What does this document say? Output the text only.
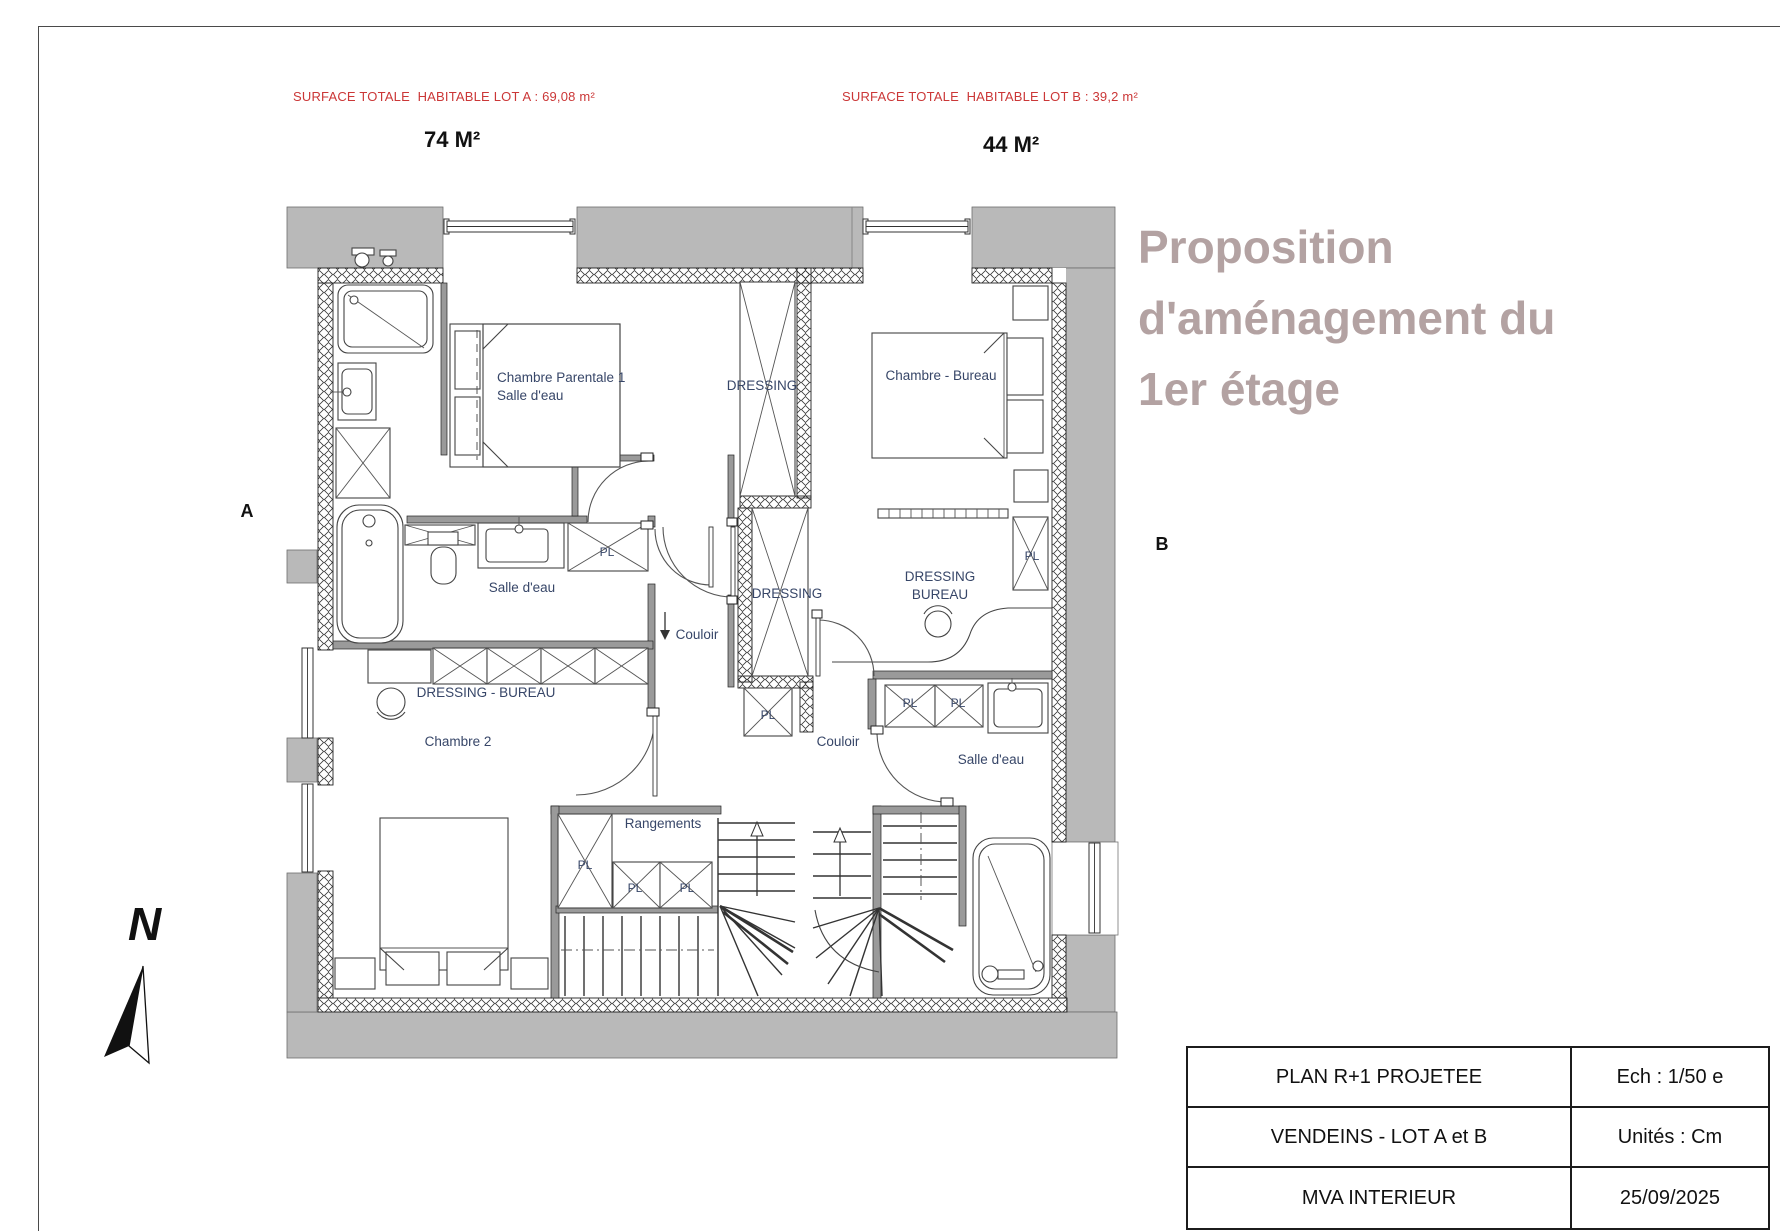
SURFACE TOTALE  HABITABLE LOT A : 69,08 m²
74 M²
SURFACE TOTALE  HABITABLE LOT B : 39,2 m²
44 M²
Proposition
d'aménagement du
1er étage
Chambre Parentale 1
Salle d'eau
DRESSING
Chambre - Bureau
Salle d'eau
PL
Couloir
DRESSING
PL
DRESSING - BUREAU
Chambre 2
DRESSING
BUREAU
Couloir
Salle d'eau
Rangements
PL
PL	PL
PL	PL
PL
A
B
N
PLAN R+1 PROJETEE	Ech : 1/50 e
VENDEINS - LOT A et B	Unités : Cm
MVA INTERIEUR	25/09/2025
